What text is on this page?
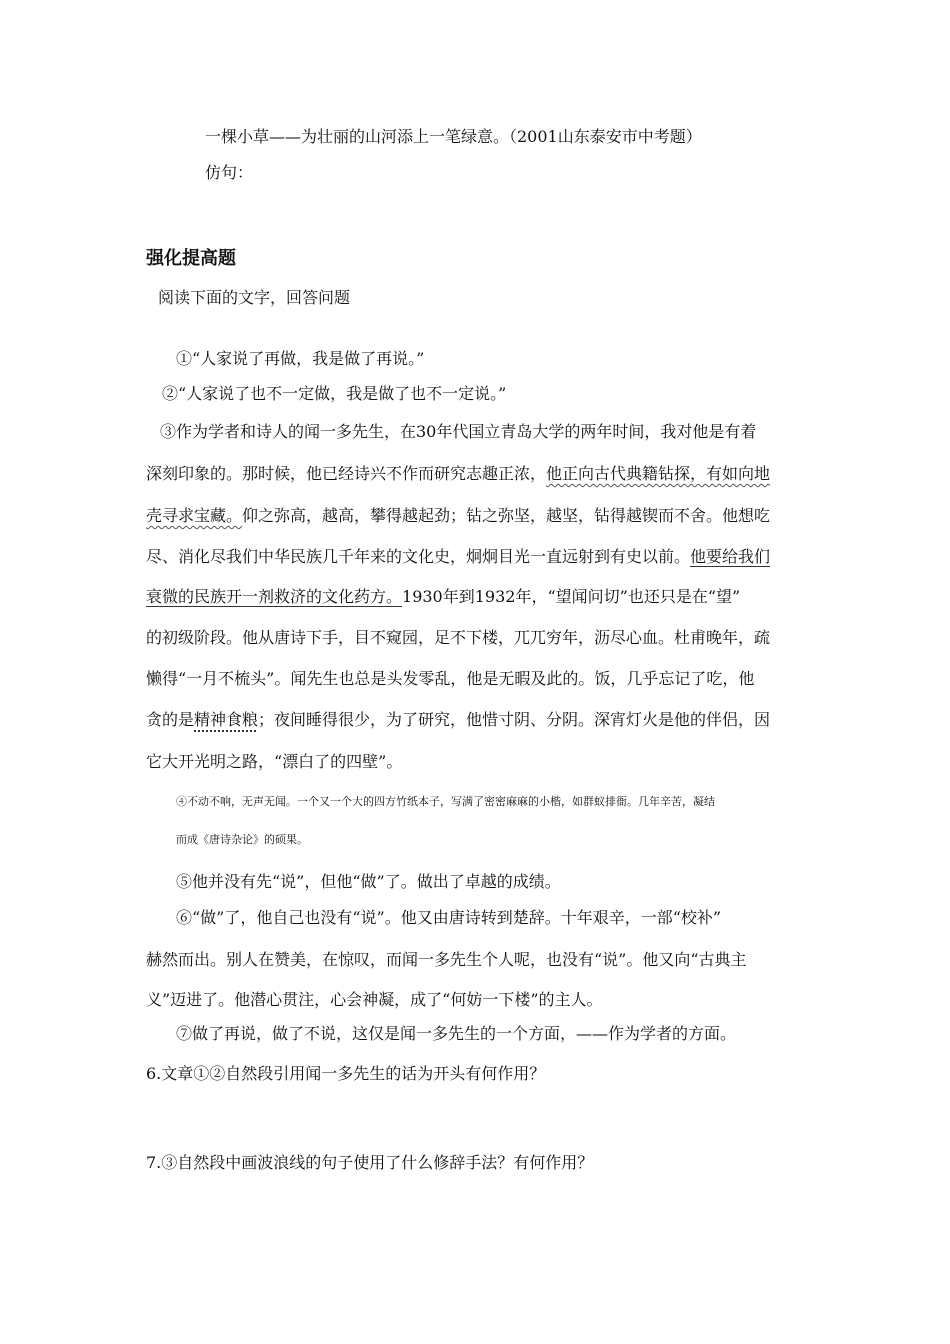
一棵小草——为壮丽的山河添上一笔绿意。（2001山东泰安市中考题）
仿句：
强化提高题
阅读下面的文字，回答问题
①“人家说了再做，我是做了再说。”
②“人家说了也不一定做，我是做了也不一定说。”
③作为学者和诗人的闻一多先生，在30年代国立青岛大学的两年时间，我对他是有着
深刻印象的。那时候，他已经诗兴不作而研究志趣正浓，他正向古代典籍钻探，有如向地
壳寻求宝藏。仰之弥高，越高，攀得越起劲；钻之弥坚，越坚，钻得越锲而不舍。他想吃
尽、消化尽我们中华民族几千年来的文化史，炯炯目光一直远射到有史以前。他要给我们
衰微的民族开一剂救济的文化药方。1930年到1932年，“望闻问切”也还只是在“望”
的初级阶段。他从唐诗下手，目不窥园，足不下楼，兀兀穷年，沥尽心血。杜甫晚年，疏
懒得“一月不梳头”。闻先生也总是头发零乱，他是无暇及此的。饭，几乎忘记了吃，他
贪的是精神食粮；夜间睡得很少，为了研究，他惜寸阴、分阴。深宵灯火是他的伴侣，因
它大开光明之路，“漂白了的四壁”。
④不动不响，无声无闻。一个又一个大的四方竹纸本子，写满了密密麻麻的小楷，如群蚁排衙。几年辛苦，凝结
而成《唐诗杂论》的硕果。
⑤他并没有先“说”，但他“做”了。做出了卓越的成绩。
⑥“做”了，他自己也没有“说”。他又由唐诗转到楚辞。十年艰辛，一部“校补”
赫然而出。别人在赞美，在惊叹，而闻一多先生个人呢，也没有“说”。他又向“古典主
义”迈进了。他潜心贯注，心会神凝，成了“何妨一下楼”的主人。
⑦做了再说，做了不说，这仅是闻一多先生的一个方面，——作为学者的方面。
6.文章①②自然段引用闻一多先生的话为开头有何作用？
7.③自然段中画波浪线的句子使用了什么修辞手法？有何作用？
